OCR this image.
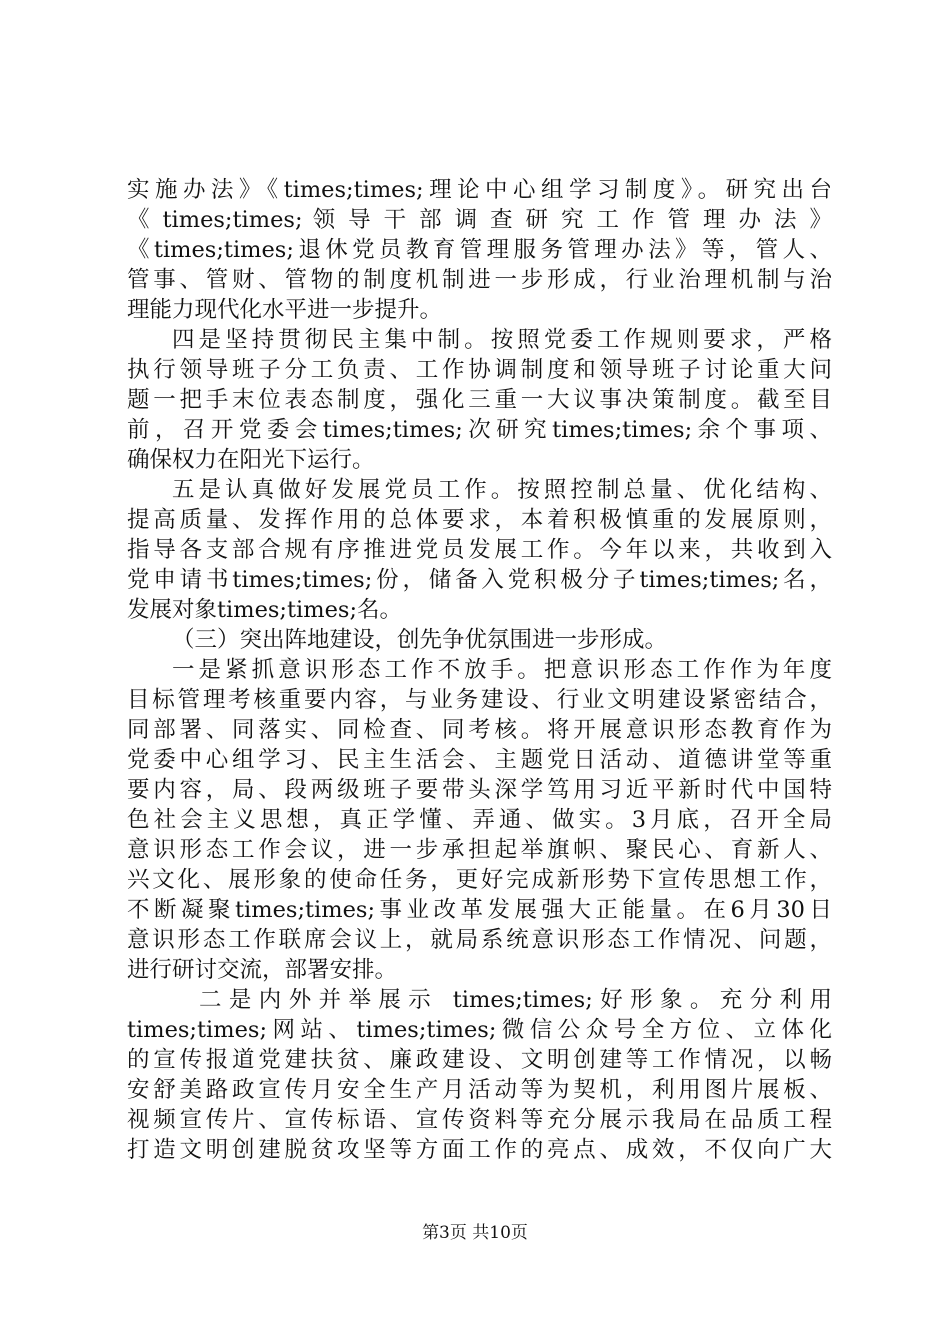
实施办法》《times;times;理论中心组学习制度》。研究出台
《 times;times; 领 导 干 部 调 查 研 究 工 作 管 理 办 法 》
《times;times;退休党员教育管理服务管理办法》等，管人、
管事、管财、管物的制度机制进一步形成，行业治理机制与治
理能力现代化水平进一步提升。
四是坚持贯彻民主集中制。按照党委工作规则要求，严格
执行领导班子分工负责、工作协调制度和领导班子讨论重大问
题一把手末位表态制度，强化三重一大议事决策制度。截至目
前，召开党委会times;times;次研究times;times;余个事项、
确保权力在阳光下运行。
五是认真做好发展党员工作。按照控制总量、优化结构、
提高质量、发挥作用的总体要求，本着积极慎重的发展原则，
指导各支部合规有序推进党员发展工作。今年以来，共收到入
党申请书times;times;份，储备入党积极分子times;times;名，
发展对象times;times;名。
（三）突出阵地建设，创先争优氛围进一步形成。
一是紧抓意识形态工作不放手。把意识形态工作作为年度
目标管理考核重要内容，与业务建设、行业文明建设紧密结合，
同部署、同落实、同检查、同考核。将开展意识形态教育作为
党委中心组学习、民主生活会、主题党日活动、道德讲堂等重
要内容，局、段两级班子要带头深学笃用习近平新时代中国特
色社会主义思想，真正学懂、弄通、做实。3月底，召开全局
意识形态工作会议，进一步承担起举旗帜、聚民心、育新人、
兴文化、展形象的使命任务，更好完成新形势下宣传思想工作，
不断凝聚times;times;事业改革发展强大正能量。在6月30日
意识形态工作联席会议上，就局系统意识形态工作情况、问题，
进行研讨交流，部署安排。
二是内外并举展示 times;times;好形象。充分利用
times;times;网站、times;times;微信公众号全方位、立体化
的宣传报道党建扶贫、廉政建设、文明创建等工作情况，以畅
安舒美路政宣传月安全生产月活动等为契机，利用图片展板、
视频宣传片、宣传标语、宣传资料等充分展示我局在品质工程
打造文明创建脱贫攻坚等方面工作的亮点、成效，不仅向广大
第3页 共10页
